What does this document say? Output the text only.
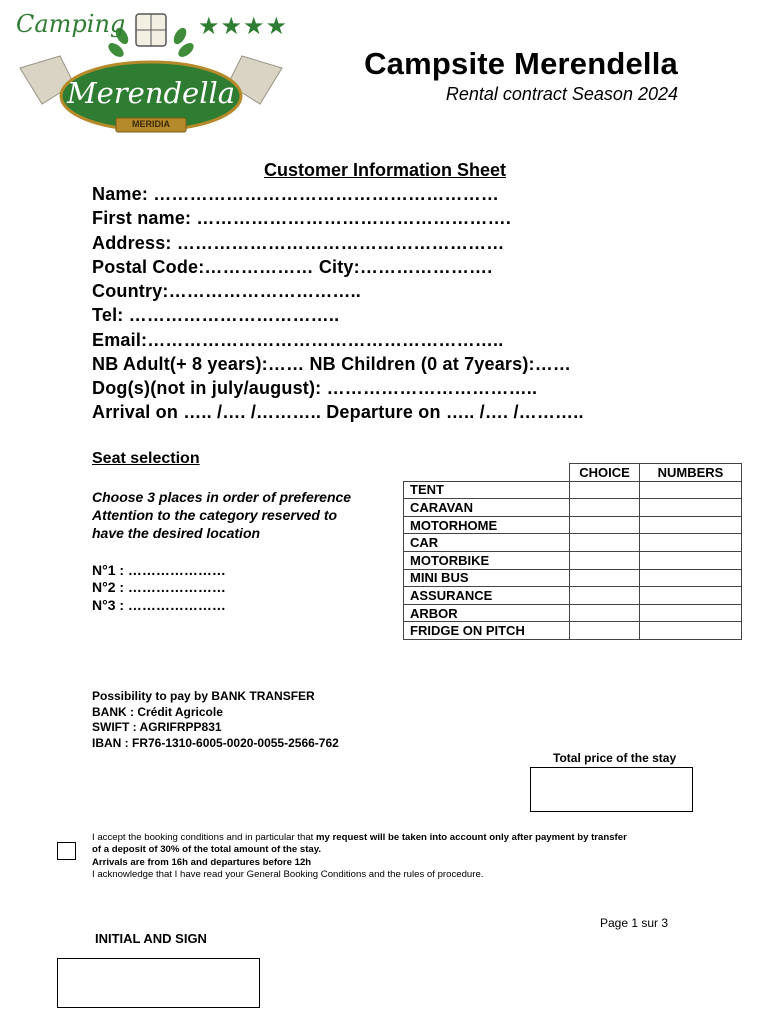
Camping	★★★★
Merendella
MERIDIA
Campsite Merendella
Rental contract Season 2024
Customer Information Sheet
Name: …………………………………………………
First name: …………………………………………….
Address: ………………………………………………
Postal Code:……………… City:………………….
Country:…………………………..
Tel: ……………………………..
Email:…………………………………………………..
NB Adult(+ 8 years):…… NB Children (0 at 7years):……
Dog(s)(not in july/august): ……………………………..
Arrival on ….. /…. /……….. Departure on ….. /…. /………..
Seat selection
Choose 3 places in order of preference
Attention to the category reserved to
have the desired location
N°1 : …………………
N°2 : …………………
N°3 : …………………
	CHOICE	NUMBERS
TENT		
CARAVAN		
MOTORHOME		
CAR		
MOTORBIKE		
MINI BUS		
ASSURANCE		
ARBOR		
FRIDGE ON PITCH		
Possibility to pay by BANK TRANSFER
BANK : Crédit Agricole
SWIFT : AGRIFRPP831
IBAN : FR76-1310-6005-0020-0055-2566-762
Total price of the stay
I accept the booking conditions and in particular that my request will be taken into account only after payment by transfer
of a deposit of 30% of the total amount of the stay.
Arrivals are from 16h and departures before 12h
I acknowledge that I have read your General Booking Conditions and the rules of procedure.
Page 1 sur 3
INITIAL AND SIGN
